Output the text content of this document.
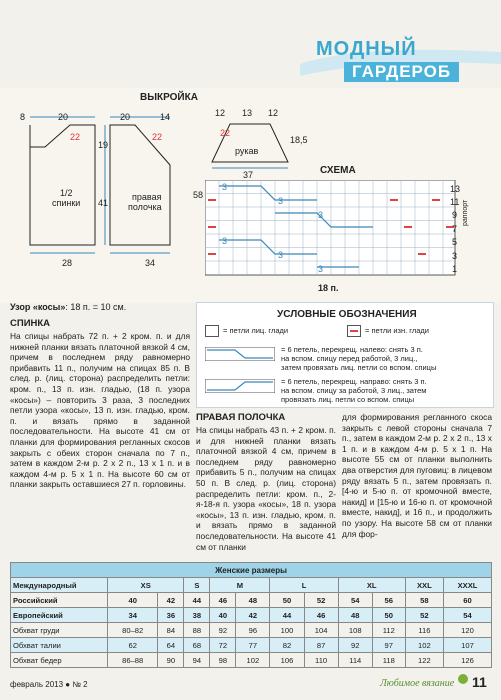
МОДНЫЙ
ГАРДЕРОБ
ВЫКРОЙКА
8	20	20	14
22	22
19
41
1/2
спинки
правая
полочка
28	34
12 13 12
18,5
22
рукав
37
58
СХЕМА
3
3
3
3
3
3
13
11
9
7
5
3
1
раппорт
18 п.
Узор «косы»: 18 п. = 10 см.
УСЛОВНЫЕ ОБОЗНАЧЕНИЯ
= петли лиц. глади	= петли изн. глади
= 6 петель, перекрещ. налево: снять 3 п.
на вспом. спицу перед работой, 3 лиц.,
затем провязать лиц. петли со вспом. спицы
= 6 петель, перекрещ. направо: снять 3 п.
на вспом. спицу за работой, 3 лиц., затем
провязать лиц. петли со вспом. спицы
СПИНКА
На спицы набрать 72 п. + 2 кром. п. и для нижней планки вязать платочной вязкой 4 см, причем в последнем ряду равномерно прибавить 11 п., получим на спицах 85 п. В след. р. (лиц. сторона) распределить петли: кром. п., 13 п. изн. гладью, (18 п. узора «косы») – повторить 3 раза, 3 последних петли узора «косы», 13 п. изн. гладью, кром. п. и вязать прямо в заданной последовательности. На высоте 41 см от планки для формирования регланных скосов закрыть с обеих сторон сначала по 7 п., затем в каждом 2-м р. 2 x 2 п., 13 x 1 п. и в каждом 4-м р. 5 x 1 п. На высоте 60 см от планки закрыть оставшиеся 27 п. горловины.
ПРАВАЯ ПОЛОЧКА
На спицы набрать 43 п. + 2 кром. п. и для нижней планки вязать платочной вязкой 4 см, причем в последнем ряду равномерно прибавить 5 п., получим на спицах 50 п. В след. р. (лиц. сторона) распределить петли: кром. п., 2-я-18-я п. узора «косы», 18 п. узора «косы», 13 п. изн. гладью, кром. п. и вязать прямо в заданной последовательности. На высоте 41 см от планки
для формирования регланного скоса закрыть с левой стороны сначала 7 п., затем в каждом 2-м р. 2 x 2 п., 13 x 1 п. и в каждом 4-м р. 5 x 1 п. На высоте 55 см от планки выполнить два отверстия для пуговиц: в лицевом ряду вязать 5 п., затем провязать п. [4-ю и 5-ю п. от кромочной вместе, накид] и [15-ю и 16-ю п. от кромочной вместе, накид], и 16 п., и продолжить по узору. На высоте 58 см от планки для фор-
Женские размеры											
Международный	XS		S	M		L		XL		XXL	XXXL
Российский	40	42	44	46	48	50	52	54	56	58	60
Европейский	34	36	38	40	42	44	46	48	50	52	54
Обхват груди	80–82	84	88	92	96	100	104	108	112	116	120
Обхват талии	62	64	68	72	77	82	87	92	97	102	107
Обхват бедер	86–88	90	94	98	102	106	110	114	118	122	126
февраль 2013 ● № 2	Любимое вязание 11
